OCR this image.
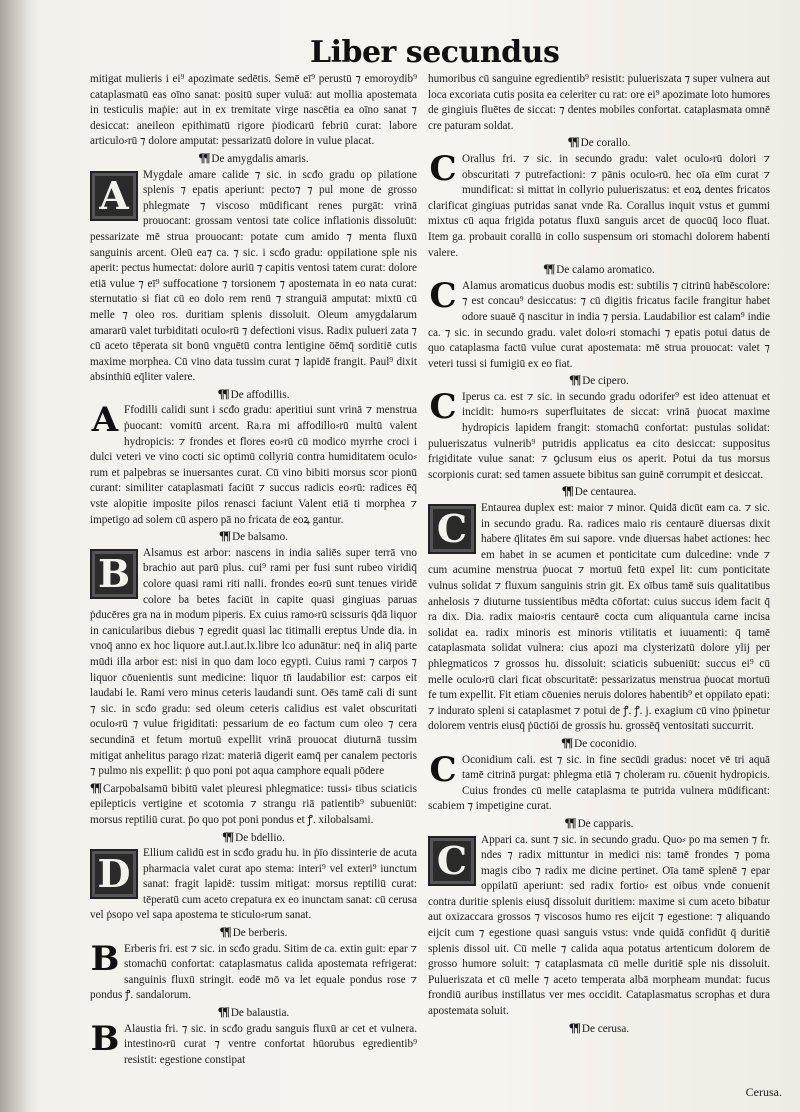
Liber secundus

mitigat mulieris i ei⁹ apozimate sedētis. Semē eī⁹ perustū ⁊ emoroydib⁹ cataplasmatū eas oīno sanat: positū super vuluā: aut mollia apostemata in testiculis maṗie: aut in ex tremitate virge nascētia ea oīno sanat ⁊ desiccat: aneileon epithimatū rigore ṗiodicarū febriū curat: labore articulo⸗rū ⁊ dolore amputat: pessarizatū dolore in vulue placat.

¶¶ De amygdalis amaris.

A	Mygdale amare calide ⁊ sic. in scđo gradu op pilatione splenis ⁊ epatis aperiunt: pecto⁊ ⁊ pul mone de grosso phlegmate ⁊ viscoso mūdificant renes purgāt: vrinā prouocant: grossam ventosi tate colice inflationis dissoluūt: pessarizate mē strua prouocant: potate cum amido ⁊ menta fluxū sanguinis arcent. Oleū ea⁊ ca. ⁊ sic. i scđo gradu: oppilatione sple nis aperit: pectus humectat: dolore auriū ⁊ capitis ventosi tatem curat: dolore etiā vulue ⁊ eī⁹ suffocatione ⁊ torsionem ⁊ apostemata in eo nata curat: sternutatio si fiat cū eo dolo rem renū ⁊ stranguiā amputat: mixtū cū melle ⁊ oleo ros. duritiam splenis dissoluit. Oleum amygdalarum amararū valet turbiditati oculo⸗rū ⁊ defectioni visus. Radix pulueri zata ⁊ cū aceto tēperata sit bonū vnguētū contra lentigine ōēmq̄ sorditiē cutis maxime morphea. Cū vino data tussim curat ⁊ lapidē frangit. Paul⁹ dixit absinthiū eq̄liter valere.

¶¶ De affodillis.

A Ffodilli calidi sunt i scđo gradu: aperitiui sunt vrinā ⁊ menstrua ṗuocant: vomitū arcent. Ra.ra mi affodillo⸗rū multū valent hydropicis: ⁊ frondes et flores eo⸗rū cū modico myrrhe croci i dulci veteri ve vino cocti sic optimū collyriū contra humiditatem oculo⸗rum et palpebras se inuersantes curat. Cū vino bibiti morsus scor pionū curant: similiter cataplasmati faciūt ⁊ succus radicis eo⸗rū: radices ēq̄ vste alopitie imposite pilos renasci faciunt Valent etiā ti morphea ⁊ impetigo ad solem cū aspero pā no fricata de eoꝝ gantur.

¶¶ De balsamo.

B	Alsamus est arbor: nascens in india saliēs super terrā vno brachio aut parū plus. cui⁹ rami per fusi sunt rubeo viridiq̄ colore quasi rami riti nalli. frondes eo⸗rū sunt tenues viridē colore ba betes faciūt in capite quasi gingiuas paruas ṗducēres gra na in modum piperis. Ex cuius ramo⸗rū scissuris q̄dā liquor in canicularibus diebus ⁊ egredit quasi lac titimalli ereptus Unde dia. in vnoq̄ anno ex hoc liquore aut.l.aut.lx.libre lco adunātur: neq̄ in aliq̄ parte mūdi illa arbor est: nisi in quo dam loco egypti. Cuius rami ⁊ carpos ⁊ liquor cōuenientis sunt medicine: liquor tn̄ laudabilior est: carpos eit laudabi le. Rami vero minus ceteris laudandi sunt. Oēs tamē cali di sunt ⁊ sic. in scđo gradu: sed oleum ceteris calidius est valet obscuritati oculo⸗rū ⁊ vulue frigiditati: pessarium de eo factum cum oleo ⁊ cera secundinā et fetum mortuū expellit vrinā prouocat diuturnā tussim mitigat anhelitus parago rizat: materiā digerit eamq̄ per canalem pectoris ⁊ pulmo nis expellit: ṗ quo poni pot aqua camphore equali pōdere

¶¶ Carpobalsamū bibitū valet pleuresi phlegmatice: tussi⸗ tibus sciaticis epilepticis vertigine et scotomia ⁊ strangu riā patientib⁹ subueniūt: morsus reptiliū curat. p̄o quo pot poni pondus et ꝭ. xilobalsami.

¶¶ De bdellio.

D	Ellium calidū est in scđo gradu hu. in ṗīo dissinterie de acuta pharmacia valet curat apo stema: interi⁹ vel exteri⁹ iunctum sanat: fragit lapidē: tussim mitigat: morsus reptiliū curat: tēperatū cum aceto crepatura ex eo inunctam sanat: cū cerusa vel ṗsopo vel sapa apostema te sticulo⸗rum sanat.

¶¶ De berberis.

B Erberis fri. est ⁊ sic. in scđo gradu. Sitim de ca. extin guit: epar ⁊ stomachū confortat: cataplasmatus calida apostemata refrigerat: sanguinis fluxū stringit. eodē mō va let equale pondus rose ⁊ pondus ꝭ. sandalorum.

¶¶ De balaustia.

B Alaustia fri. ⁊ sic. in scđo gradu sanguis fluxū ar cet et vulnera. intestino⸗rū curat ⁊ ventre confortat hūorubus egredientib⁹ resistit: egestione constipat

humoribus cū sanguine egredientib⁹ resistit: pulueriszata ⁊ super vulnera aut loca excoriata cutis posita ea celeriter cu rat: ore ei⁹ apozimate loto humores de gingiuis fluētes de siccat: ⁊ dentes mobiles confortat. cataplasmata omnē cre paturam soldat.

¶¶ De corallo.

C Orallus fri. ⁊ sic. in secundo gradu: valet oculo⸗rū dolori ⁊ obscuritati ⁊ putrefactioni: ⁊ pānis oculo⸗rū. hec oīa eīm curat ⁊ mundificat: si mittat in collyrio pulueriszatus: et eoꝝ dentes fricatos clarificat gingiuas putridas sanat vnde Ra. Corallus inquit vstus et gummi mixtus cū aqua frigida potatus fluxū sanguis arcet de quocūq̄ loco fluat. Item ga. probauit corallū in collo suspensum ori stomachi dolorem habenti valere.

¶¶ De calamo aromatico.

C Alamus aromaticus duobus modis est: subtilis ⁊ citrinū habēscolore: ⁊ est concau⁹ desiccatus: ⁊ cū digitis fricatus facile frangitur habet odore suauē q̄ nascitur in india ⁊ persia. Laudabilior est calam⁹ indie ca. ⁊ sic. in secundo gradu. valet dolo⸗ri stomachi ⁊ epatis potui datus de quo cataplasma factū vulue curat apostemata: mē strua prouocat: valet ⁊ veteri tussi si fumigiū ex eo fiat.

¶¶ De cipero.

C Iperus ca. est ⁊ sic. in secundo gradu odorifer⁹ est ideo attenuat et incidit: humo⸗rs superfluitates de siccat: vrinā ṗuocat maxime hydropicis lapidem frangit: stomachū confortat: pustulas solidat: pulueriszatus vulnerib⁹ putridis applicatus ea cito desiccat: suppositus frigiditate vulue sanat: ⁊ ꝯclusum eius os aperit. Potui da tus morsus scorpionis curat: sed tamen assuete bibitus san guinē corrumpit et desiccat.

¶¶ De centaurea.

C	Entaurea duplex est: maior ⁊ minor. Quidā dicūt eam ca. ⁊ sic. in secundo gradu. Ra. radices maio ris centaurē diuersas dixit habere q̄litates ēm sui sapore. vnde diuersas habet actiones: hec em habet in se acumen et ponticitate cum dulcedine: vnde ⁊ cum acumine menstrua ṗuocat ⁊ mortuū fetū expel lit: cum ponticitate vulnus solidat ⁊ fluxum sanguinis strin git. Ex oībus tamē suis qualitatibus anhelosis ⁊ diuturne tussientibus mēdta cōfortat: cuius succus idem facit q̄ ra dix. Dia. radix maio⸗ris centaurē cocta cum aliquantula carne incisa solidat ea. radix minoris est minoris vtilitatis et iuuamenti: q̄ tamē cataplasmata solidat vulnera: cius apozi ma clysterizatū dolore ylij per phlegmaticos ⁊ grossos hu. dissoluit: sciaticis subueniūt: succus ei⁹ cū melle oculo⸗rū clari ficat obscuritatē: pessarizatus menstrua ṗuocat mortuū fe tum expellit. Fit etiam cōuenies neruis dolores habentib⁹ et oppilato epati: ⁊ indurato spleni si cataplasmet ⁊ potui de ꝭ. ꝭ. j. exagium cū vino ṗpinetur dolorem ventris eiusq̄ ṗūctiōi de grossis hu. grossēq̄ ventositati succurrit.

¶¶ De coconidio.

C Oconidium cali. est ⁊ sic. in fine secūdi gradus: nocet vē tri aquā tamē citrinā purgat: phlegma etiā ⁊ choleram ru. cōuenit hydropicis. Cuius frondes cū melle cataplasma te putrida vulnera mūdificant: scabiem ⁊ impetigine curat.

¶¶ De capparis.

C	Appari ca. sunt ⁊ sic. in secundo gradu. Quo⸗ po ma semen ⁊ fr. ndes ⁊ radix mittuntur in medici nis: tamē frondes ⁊ poma magis cibo ⁊ radix me dicine pertinet. Oīa tamē splenē ⁊ epar oppilatū aperiunt: sed radix fortio⸗ est oibus vnde conuenit contra duritie splenis eiusq̄ dissoluit duritiem: maxime si cum aceto bibatur aut oxizaccara grossos ⁊ viscosos humo res eijcit ⁊ egestione: ⁊ aliquando eijcit cum ⁊ egestione quasi sanguis vstus: vnde quidā confidūt q̄ duritiē splenis dissol uit. Cū melle ⁊ calida aqua potatus artenticum dolorem de grosso humore soluit: ⁊ cataplasmata cū melle duritiē sple nis dissoluit. Pulueriszata et cū melle ⁊ aceto temperata albā morpheam mundat: fucus frondiū auribus instillatus ver mes occidit. Cataplasmatus scrophas et dura apostemata soluit.

¶¶ De cerusa.

Cerusa.
